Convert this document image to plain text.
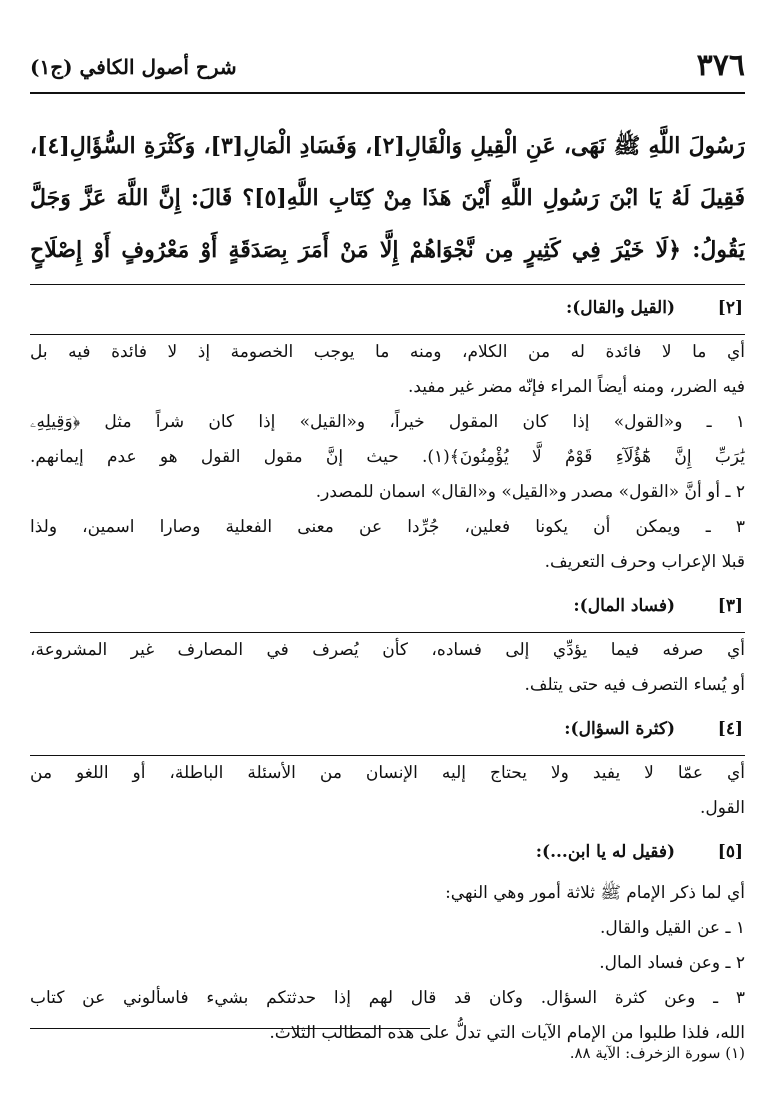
٣٧٦
شرح أصول الكافي (ج١)
رَسُولَ اللَّهِ ﷺ نَهَى، عَنِ الْقِيلِ وَالْقَالِ[٢]، وَفَسَادِ الْمَالِ[٣]، وَكَثْرَةِ السُّؤَالِ[٤]،
فَقِيلَ لَهُ يَا ابْنَ رَسُولِ اللَّهِ أَيْنَ هَذَا مِنْ كِتَابِ اللَّهِ[٥]؟ قَالَ: إِنَّ اللَّهَ عَزَّ وَجَلَّ
يَقُولُ: ﴿لَا خَيْرَ فِي كَثِيرٍ مِن نَّجْوَاهُمْ إِلَّا مَنْ أَمَرَ بِصَدَقَةٍ أَوْ مَعْرُوفٍ أَوْ إِصْلَاحٍ
[٢]
(القيل والقال):
أي ما لا فائدة له من الكلام، ومنه ما يوجب الخصومة إذ لا فائدة فيه بل
فيه الضرر، ومنه أيضاً المراء فإنّه مضر غير مفيد.
١ ـ و«القول» إذا كان المقول خيراً، و«القيل» إذا كان شراً مثل ﴿وَقِيلِهِۦ
يَٰرَبِّ إِنَّ هَٰٓؤُلَآءِ قَوْمٌ لَّا يُؤْمِنُونَ﴾(١). حيث إنَّ مقول القول هو عدم إيمانهم.
٢ ـ أو أنَّ «القول» مصدر و«القيل» و«القال» اسمان للمصدر.
٣ ـ ويمكن أن يكونا فعلين، جُرِّدا عن معنى الفعلية وصارا اسمين، ولذا
قبلا الإعراب وحرف التعريف.
[٣]
(فساد المال):
أي صرفه فيما يؤدِّي إلى فساده، كأن يُصرف في المصارف غير المشروعة،
أو يُساء التصرف فيه حتى يتلف.
[٤]
(كثرة السؤال):
أي عمّا لا يفيد ولا يحتاج إليه الإنسان من الأسئلة الباطلة، أو اللغو من
القول.
[٥]
(فقيل له يا ابن...):
أي لما ذكر الإمام ﷺ ثلاثة أمور وهي النهي:
١ ـ عن القيل والقال.
٢ ـ وعن فساد المال.
٣ ـ وعن كثرة السؤال. وكان قد قال لهم إذا حدثتكم بشيء فاسألوني عن كتاب
الله، فلذا طلبوا من الإمام الآيات التي تدلُّ على هذه المطالب الثلاث.
(١) سورة الزخرف: الآية ٨٨.
